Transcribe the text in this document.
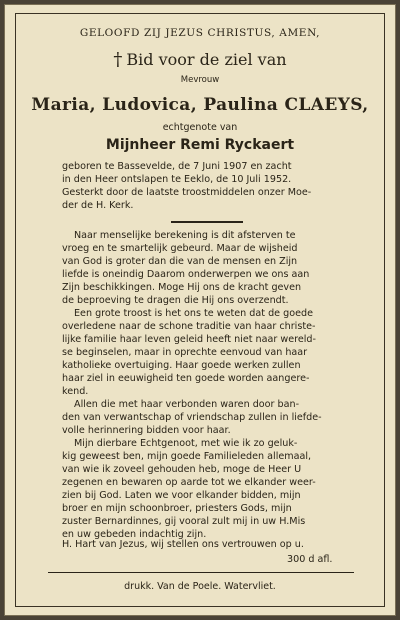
GELOOFD ZIJ JEZUS CHRISTUS, AMEN,
† Bid voor de ziel van
Mevrouw
Maria, Ludovica, Paulina CLAEYS,
echtgenote van
Mijnheer Remi Ryckaert
geboren te Bassevelde, de 7 Juni 1907 en zacht
in den Heer ontslapen te Eeklo, de 10 Juli 1952.
Gesterkt door de laatste troostmiddelen onzer Moe-
der de H. Kerk.
Naar menselijke berekening is dit afsterven te
vroeg en te smartelijk gebeurd. Maar de wijsheid
van God is groter dan die van de mensen en Zijn
liefde is oneindig Daarom onderwerpen we ons aan
Zijn beschikkingen. Moge Hij ons de kracht geven
de beproeving te dragen die Hij ons overzendt.
Een grote troost is het ons te weten dat de goede
overledene naar de schone traditie van haar christe-
lijke familie haar leven geleid heeft niet naar wereld-
se beginselen, maar in oprechte eenvoud van haar
katholieke overtuiging. Haar goede werken zullen
haar ziel in eeuwigheid ten goede worden aangere-
kend.
Allen die met haar verbonden waren door ban-
den van verwantschap of vriendschap zullen in liefde-
volle herinnering bidden voor haar.
Mijn dierbare Echtgenoot, met wie ik zo geluk-
kig geweest ben, mijn goede Familieleden allemaal,
van wie ik zoveel gehouden heb, moge de Heer U
zegenen en bewaren op aarde tot we elkander weer-
zien bij God. Laten we voor elkander bidden, mijn
broer en mijn schoonbroer, priesters Gods, mijn
zuster Bernardinnes, gij vooral zult mij in uw H.Mis
en uw gebeden indachtig zijn.
H. Hart van Jezus, wij stellen ons vertrouwen op u.
300 d afl.
drukk. Van de Poele. Watervliet.
